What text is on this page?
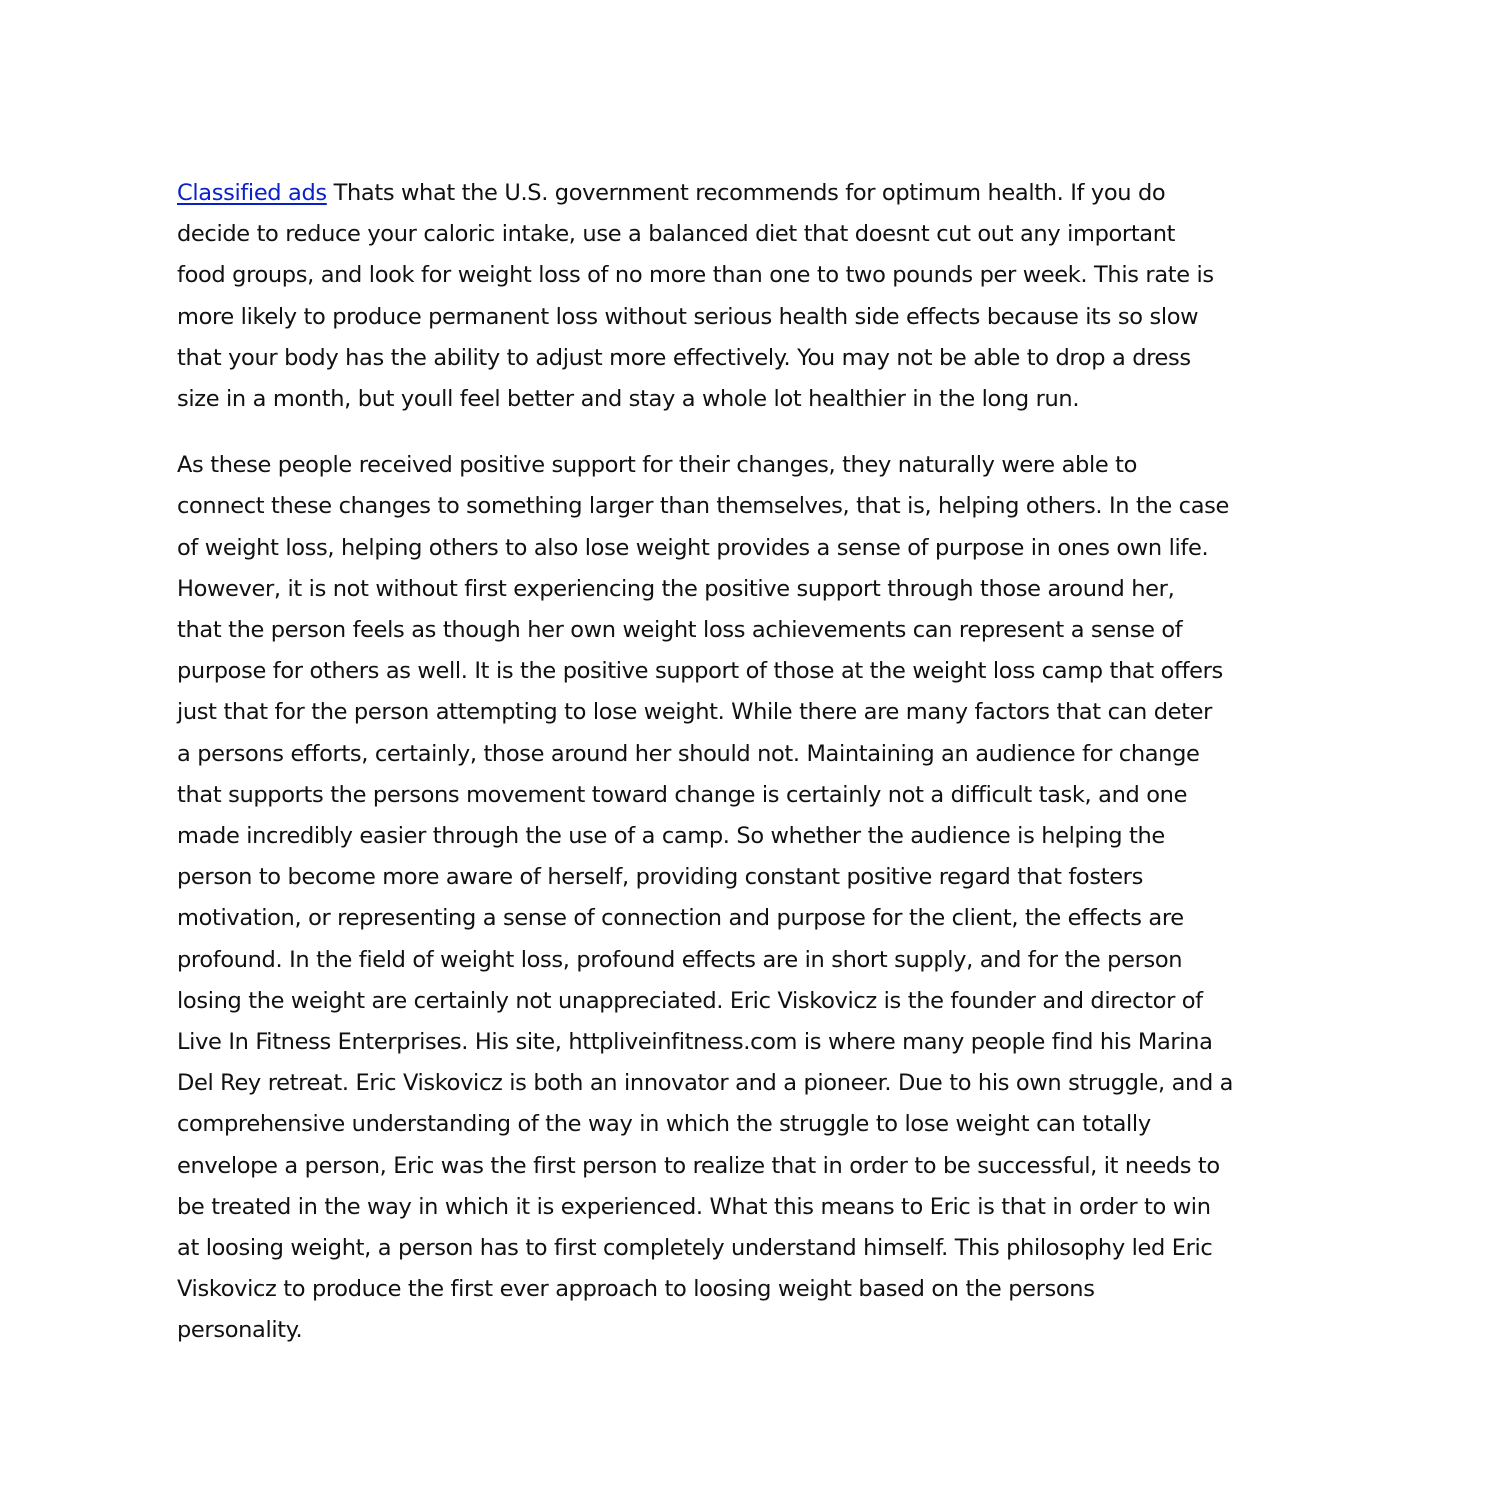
Classified ads Thats what the U.S. government recommends for optimum health. If you do
decide to reduce your caloric intake, use a balanced diet that doesnt cut out any important
food groups, and look for weight loss of no more than one to two pounds per week. This rate is
more likely to produce permanent loss without serious health side effects because its so slow
that your body has the ability to adjust more effectively. You may not be able to drop a dress
size in a month, but youll feel better and stay a whole lot healthier in the long run.

As these people received positive support for their changes, they naturally were able to
connect these changes to something larger than themselves, that is, helping others. In the case
of weight loss, helping others to also lose weight provides a sense of purpose in ones own life.
However, it is not without first experiencing the positive support through those around her,
that the person feels as though her own weight loss achievements can represent a sense of
purpose for others as well. It is the positive support of those at the weight loss camp that offers
just that for the person attempting to lose weight. While there are many factors that can deter
a persons efforts, certainly, those around her should not. Maintaining an audience for change
that supports the persons movement toward change is certainly not a difficult task, and one
made incredibly easier through the use of a camp. So whether the audience is helping the
person to become more aware of herself, providing constant positive regard that fosters
motivation, or representing a sense of connection and purpose for the client, the effects are
profound. In the field of weight loss, profound effects are in short supply, and for the person
losing the weight are certainly not unappreciated. Eric Viskovicz is the founder and director of
Live In Fitness Enterprises. His site, httpliveinfitness.com is where many people find his Marina
Del Rey retreat. Eric Viskovicz is both an innovator and a pioneer. Due to his own struggle, and a
comprehensive understanding of the way in which the struggle to lose weight can totally
envelope a person, Eric was the first person to realize that in order to be successful, it needs to
be treated in the way in which it is experienced. What this means to Eric is that in order to win
at loosing weight, a person has to first completely understand himself. This philosophy led Eric
Viskovicz to produce the first ever approach to loosing weight based on the persons
personality.
